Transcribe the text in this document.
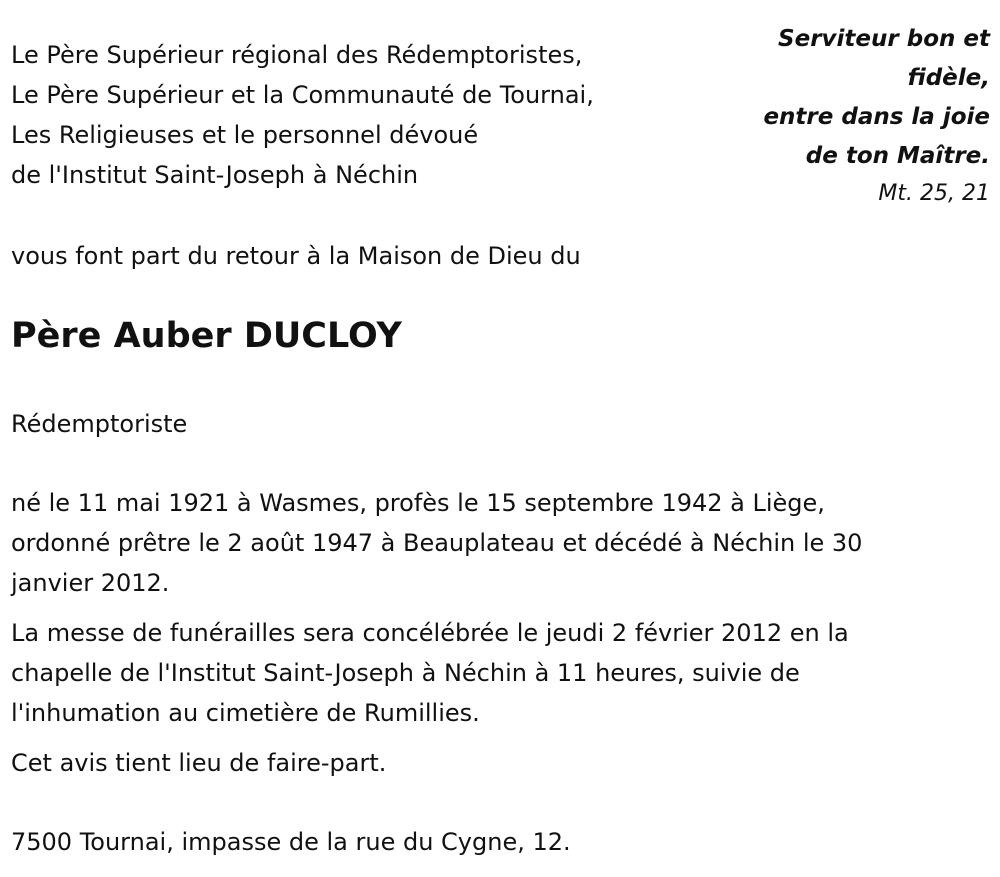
Le Père Supérieur régional des Rédemptoristes,
Le Père Supérieur et la Communauté de Tournai,
Les Religieuses et le personnel dévoué
de l'Institut Saint-Joseph à Néchin
Serviteur bon et
fidèle,
entre dans la joie
de ton Maître.
Mt. 25, 21
vous font part du retour à la Maison de Dieu du
Père Auber DUCLOY
Rédemptoriste

né le 11 mai 1921 à Wasmes, profès le 15 septembre 1942 à Liège,
ordonné prêtre le 2 août 1947 à Beauplateau et décédé à Néchin le 30
janvier 2012.

La messe de funérailles sera concélébrée le jeudi 2 février 2012 en la
chapelle de l'Institut Saint-Joseph à Néchin à 11 heures, suivie de
l'inhumation au cimetière de Rumillies.

Cet avis tient lieu de faire-part.

7500 Tournai, impasse de la rue du Cygne, 12.
